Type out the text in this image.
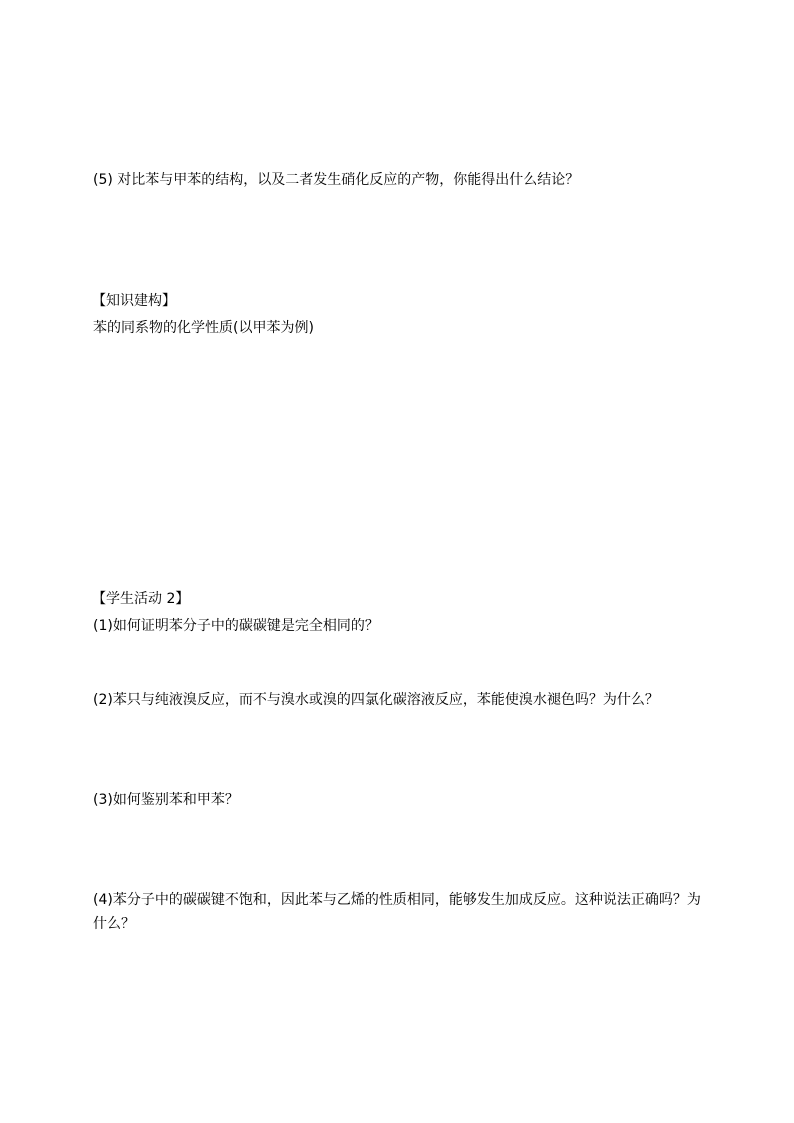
(5) 对比苯与甲苯的结构，以及二者发生硝化反应的产物，你能得出什么结论？
【知识建构】
苯的同系物的化学性质(以甲苯为例)
【学生活动 2】
(1)如何证明苯分子中的碳碳键是完全相同的？
(2)苯只与纯液溴反应，而不与溴水或溴的四氯化碳溶液反应，苯能使溴水褪色吗？为什么？
(3)如何鉴别苯和甲苯？
(4)苯分子中的碳碳键不饱和，因此苯与乙烯的性质相同，能够发生加成反应。这种说法正确吗？为什么？
